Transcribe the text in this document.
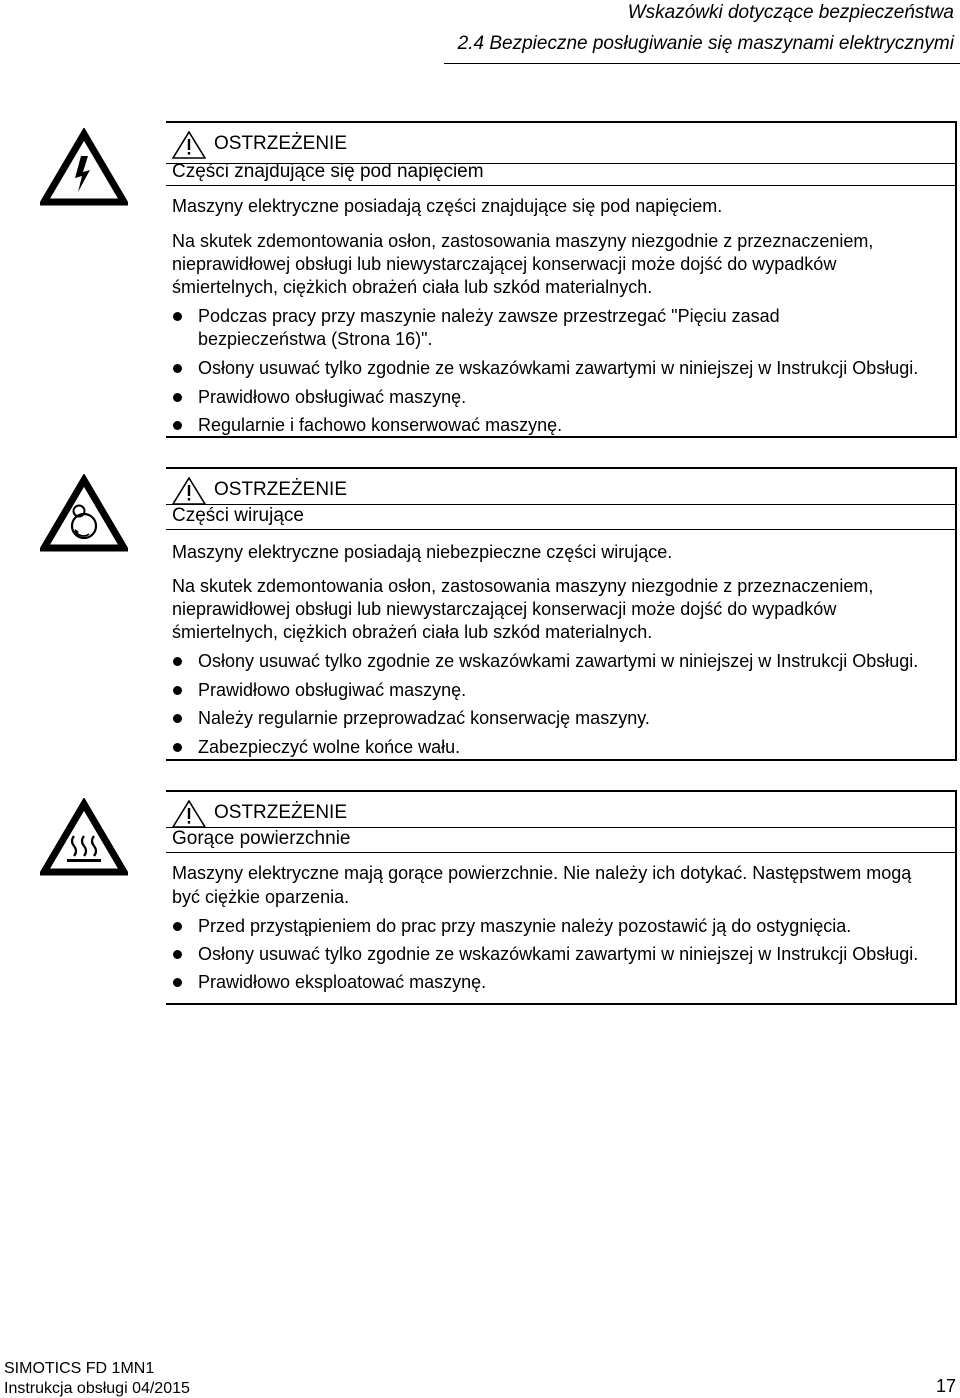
Wskazówki dotyczące bezpieczeństwa
2.4 Bezpieczne posługiwanie się maszynami elektrycznymi
OSTRZEŻENIE
Części znajdujące się pod napięciem
Maszyny elektryczne posiadają części znajdujące się pod napięciem.
Na skutek zdemontowania osłon, zastosowania maszyny niezgodnie z przeznaczeniem,
nieprawidłowej obsługi lub niewystarczającej konserwacji może dojść do wypadków
śmiertelnych, ciężkich obrażeń ciała lub szkód materialnych.
Podczas pracy przy maszynie należy zawsze przestrzegać "Pięciu zasad
bezpieczeństwa (Strona 16)".
Osłony usuwać tylko zgodnie ze wskazówkami zawartymi w niniejszej w Instrukcji Obsługi.
Prawidłowo obsługiwać maszynę.
Regularnie i fachowo konserwować maszynę.
OSTRZEŻENIE
Części wirujące
Maszyny elektryczne posiadają niebezpieczne części wirujące.
Na skutek zdemontowania osłon, zastosowania maszyny niezgodnie z przeznaczeniem,
nieprawidłowej obsługi lub niewystarczającej konserwacji może dojść do wypadków
śmiertelnych, ciężkich obrażeń ciała lub szkód materialnych.
Osłony usuwać tylko zgodnie ze wskazówkami zawartymi w niniejszej w Instrukcji Obsługi.
Prawidłowo obsługiwać maszynę.
Należy regularnie przeprowadzać konserwację maszyny.
Zabezpieczyć wolne końce wału.
OSTRZEŻENIE
Gorące powierzchnie
Maszyny elektryczne mają gorące powierzchnie. Nie należy ich dotykać. Następstwem mogą
być ciężkie oparzenia.
Przed przystąpieniem do prac przy maszynie należy pozostawić ją do ostygnięcia.
Osłony usuwać tylko zgodnie ze wskazówkami zawartymi w niniejszej w Instrukcji Obsługi.
Prawidłowo eksploatować maszynę.
SIMOTICS FD 1MN1
Instrukcja obsługi 04/2015	17
